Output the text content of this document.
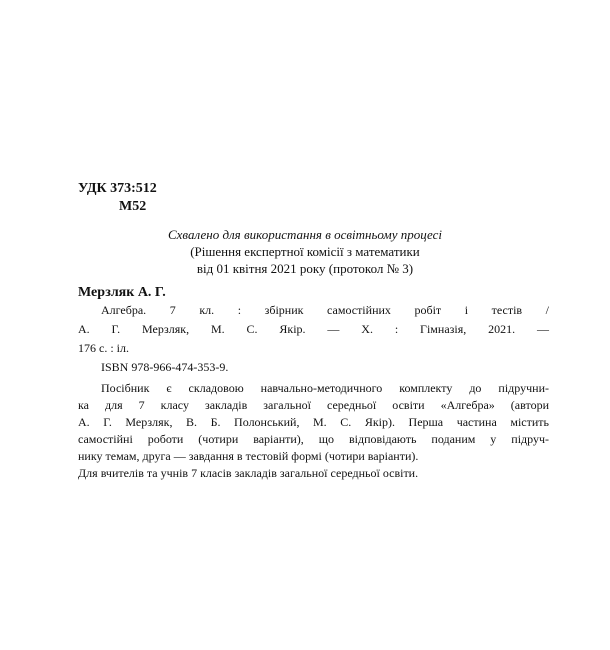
УДК 373:512
М52
Схвалено для використання в освітньому процесі
(Рішення експертної комісії з математики
від 01 квітня 2021 року (протокол № 3)
Мерзляк А. Г.
Алгебра. 7 кл. : збірник самостійних робіт і тестів /
А. Г. Мерзляк, М. С. Якір. — Х. : Гімназія, 2021. —
176 с. : іл.
ISBN 978-966-474-353-9.
Посібник є складовою навчально-методичного комплекту до підручни-
ка для 7 класу закладів загальної середньої освіти «Алгебра» (автори
А. Г. Мерзляк, В. Б. Полонський, М. С. Якір). Перша частина містить
самостійні роботи (чотири варіанти), що відповідають поданим у підруч-
нику темам, друга — завдання в тестовій формі (чотири варіанти).
Для вчителів та учнів 7 класів закладів загальної середньої освіти.
